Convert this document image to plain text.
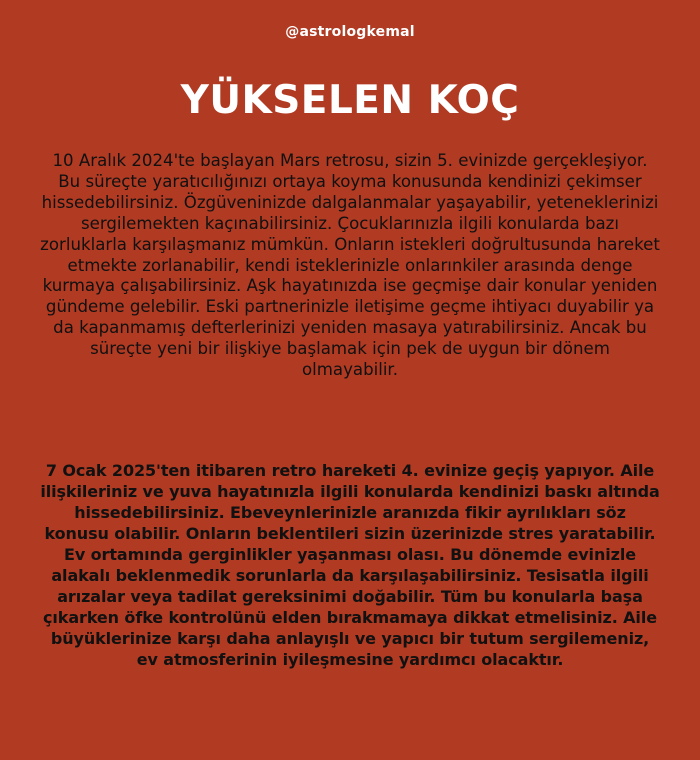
@astrologkemal
YÜKSELEN KOÇ

10 Aralık 2024'te başlayan Mars retrosu, sizin 5. evinizde gerçekleşiyor. Bu süreçte yaratıcılığınızı ortaya koyma konusunda kendinizi çekimser hissedebilirsiniz. Özgüveninizde dalgalanmalar yaşayabilir, yeteneklerinizi sergilemekten kaçınabilirsiniz. Çocuklarınızla ilgili konularda bazı zorluklarla karşılaşmanız mümkün. Onların istekleri doğrultusunda hareket etmekte zorlanabilir, kendi isteklerinizle onlarınkiler arasında denge kurmaya çalışabilirsiniz. Aşk hayatınızda ise geçmişe dair konular yeniden gündeme gelebilir. Eski partnerinizle iletişime geçme ihtiyacı duyabilir ya da kapanmamış defterlerinizi yeniden masaya yatırabilirsiniz. Ancak bu süreçte yeni bir ilişkiye başlamak için pek de uygun bir dönem olmayabilir.

7 Ocak 2025'ten itibaren retro hareketi 4. evinize geçiş yapıyor. Aile ilişkileriniz ve yuva hayatınızla ilgili konularda kendinizi baskı altında hissedebilirsiniz. Ebeveynlerinizle aranızda fikir ayrılıkları söz konusu olabilir. Onların beklentileri sizin üzerinizde stres yaratabilir. Ev ortamında gerginlikler yaşanması olası. Bu dönemde evinizle alakalı beklenmedik sorunlarla da karşılaşabilirsiniz. Tesisatla ilgili arızalar veya tadilat gereksinimi doğabilir. Tüm bu konularla başa çıkarken öfke kontrolünü elden bırakmamaya dikkat etmelisiniz. Aile büyüklerinize karşı daha anlayışlı ve yapıcı bir tutum sergilemeniz, ev atmosferinin iyileşmesine yardımcı olacaktır.
